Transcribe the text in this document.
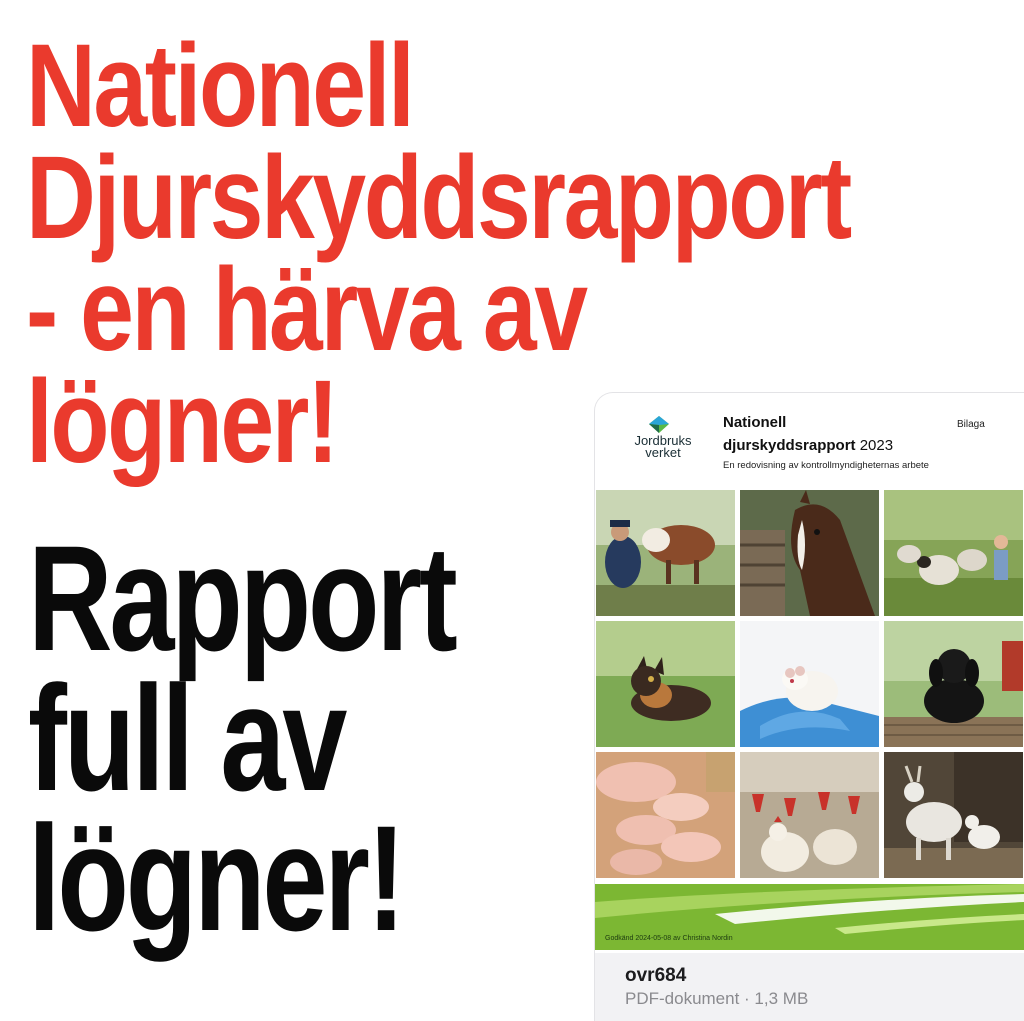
Nationell
Djurskyddsrapport
- en härva av
lögner!
Rapport
full av
lögner!
Jordbruks
verket
Nationell
djurskyddsrapport 2023
En redovisning av kontrollmyndigheternas arbete
Bilaga
Godkänd 2024-05-08 av Christina Nordin
ovr684
PDF-dokument · 1,3 MB
